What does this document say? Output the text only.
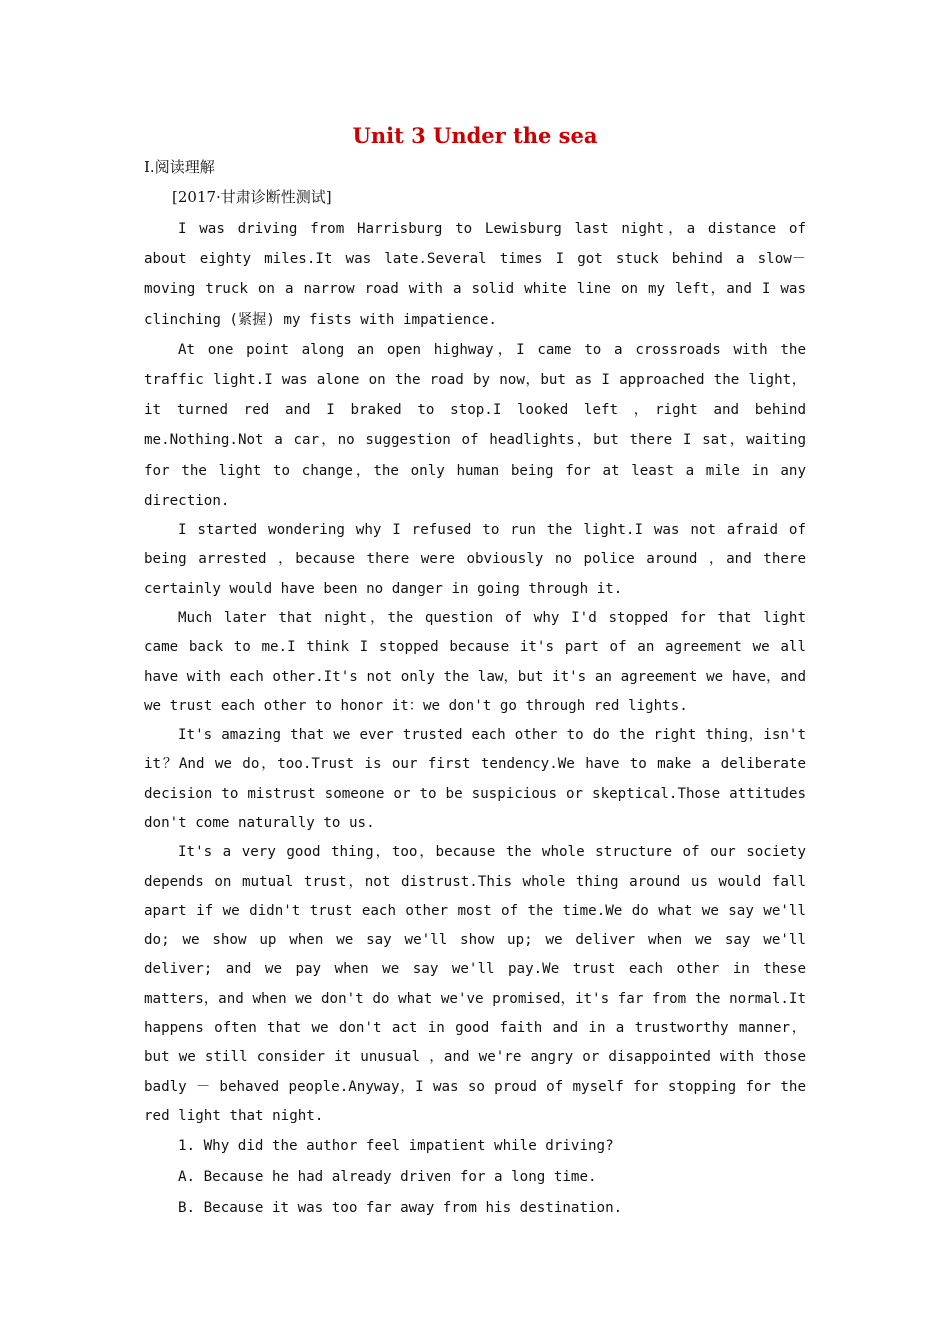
Unit 3 Under the sea
Ⅰ.阅读理解
[2017·甘肃诊断性测试]

I was driving from Harrisburg to Lewisburg last night，a distance of about eighty miles.It was late.Several times I got stuck behind a slow－moving truck on a narrow road with a solid white line on my left，and I was clinching (紧握) my fists with impatience.

At one point along an open highway，I came to a crossroads with the traffic light.I was alone on the road by now，but as I approached the light，it turned red and I braked to stop.I looked left ，right and behind me.Nothing.Not a car，no suggestion of headlights，but there I sat，waiting for the light to change，the only human being for at least a mile in any direction.

I started wondering why I refused to run the light.I was not afraid of being arrested ，because there were obviously no police around ，and there certainly would have been no danger in going through it.

Much later that night，the question of why I'd stopped for that light came back to me.I think I stopped because it's part of an agreement we all have with each other.It's not only the law，but it's an agreement we have，and we trust each other to honor it：we don't go through red lights.

It's amazing that we ever trusted each other to do the right thing，isn't it？And we do，too.Trust is our first tendency.We have to make a deliberate decision to mistrust someone or to be suspicious or skeptical.Those attitudes don't come naturally to us.

It's a very good thing，too，because the whole structure of our society depends on mutual trust，not distrust.This whole thing around us would fall apart if we didn't trust each other most of the time.We do what we say we'll do; we show up when we say we'll show up; we deliver when we say we'll deliver; and we pay when we say we'll pay.We trust each other in these matters，and when we don't do what we've promised，it's far from the normal.It happens often that we don't act in good faith and in a trustworthy manner，but we still consider it unusual ，and we're angry or disappointed with those badly － behaved people.Anyway，I was so proud of myself for stopping for the red light that night.

1. Why did the author feel impatient while driving?

A. Because he had already driven for a long time.

B. Because it was too far away from his destination.
